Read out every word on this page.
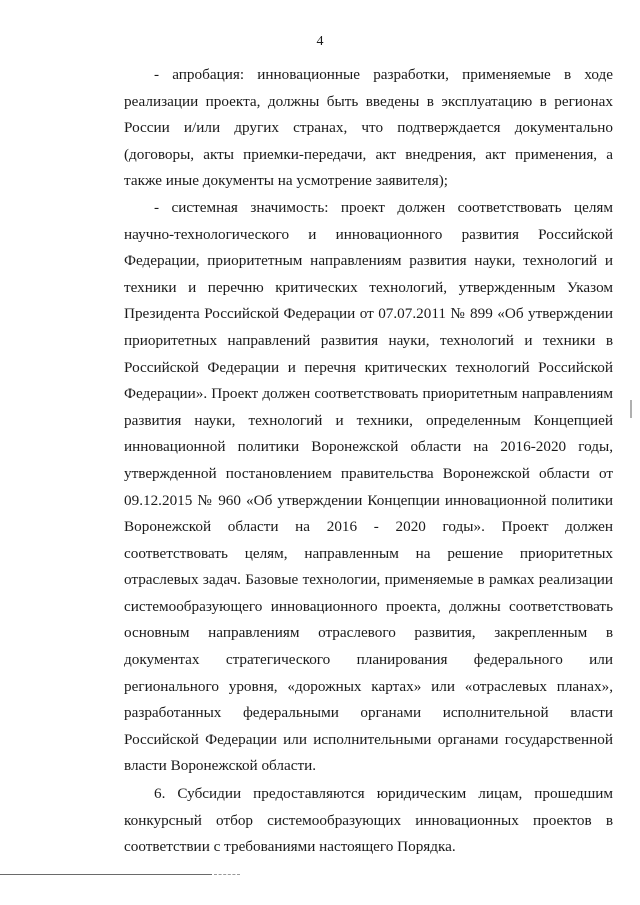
4

- апробация: инновационные разработки, применяемые в ходе реализации проекта, должны быть введены в эксплуатацию в регионах России и/или других странах, что подтверждается документально (договоры, акты приемки-передачи, акт внедрения, акт применения, а также иные документы на усмотрение заявителя);

- системная значимость: проект должен соответствовать целям научно-технологического и инновационного развития Российской Федерации, приоритетным направлениям развития науки, технологий и техники и перечню критических технологий, утвержденным Указом Президента Российской Федерации от 07.07.2011 № 899 «Об утверждении приоритетных направлений развития науки, технологий и техники в Российской Федерации и перечня критических технологий Российской Федерации». Проект должен соответствовать приоритетным направлениям развития науки, технологий и техники, определенным Концепцией инновационной политики Воронежской области на 2016-2020 годы, утвержденной постановлением правительства Воронежской области от 09.12.2015 № 960 «Об утверждении Концепции инновационной политики Воронежской области на 2016 - 2020 годы». Проект должен соответствовать целям, направленным на решение приоритетных отраслевых задач. Базовые технологии, применяемые в рамках реализации системообразующего инновационного проекта, должны соответствовать основным направлениям отраслевого развития, закрепленным в документах стратегического планирования федерального или регионального уровня, «дорожных картах» или «отраслевых планах», разработанных федеральными органами исполнительной власти Российской Федерации или исполнительными органами государственной власти Воронежской области.

6. Субсидии предоставляются юридическим лицам, прошедшим конкурсный отбор системообразующих инновационных проектов в соответствии с требованиями настоящего Порядка.
